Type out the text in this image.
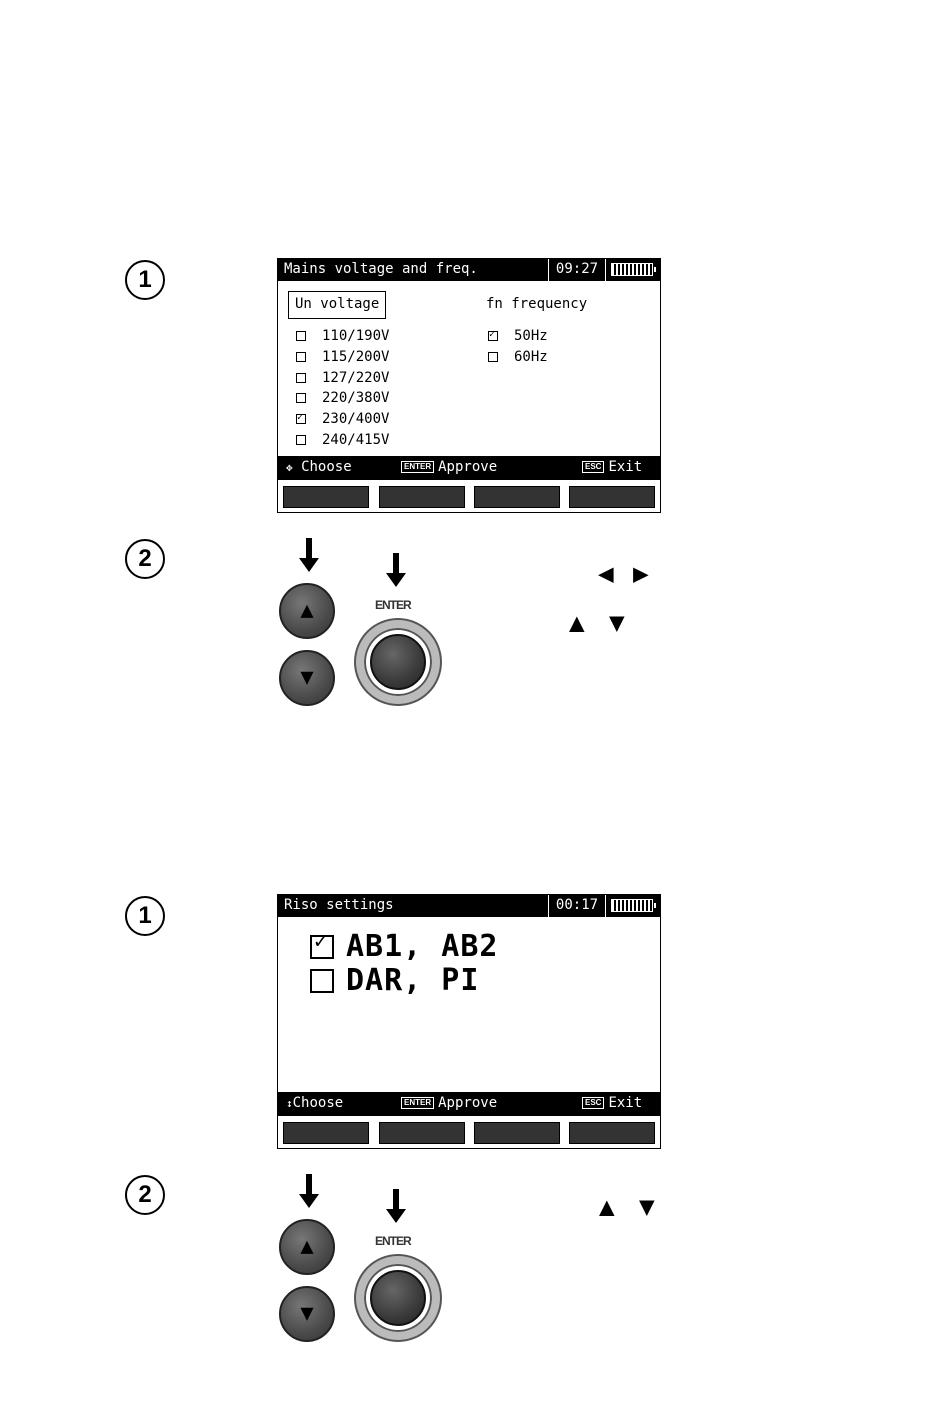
1	Mains voltage and freq.	09:27
Un voltage	fn frequency
110/190V
115/200V
127/220V
220/380V
✓230/400V
240/415V
✓50Hz
60Hz
✥ Choose	ENTER Approve	ESC Exit
2
▲
▼
ENTER
◀ ▶
▲ ▼
1	Riso settings	00:17
✓AB1, AB2
DAR, PI
↕Choose	ENTER Approve	ESC Exit
2
▲
▼
ENTER
▲ ▼
